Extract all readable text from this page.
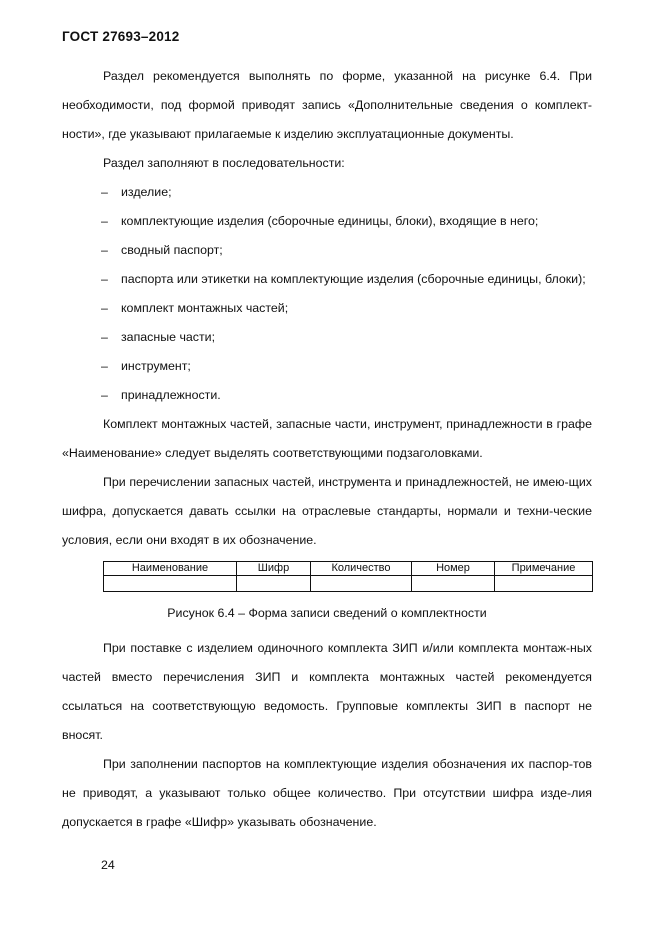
ГОСТ 27693–2012

Раздел рекомендуется выполнять по форме, указанной на рисунке 6.4. При необходимости, под формой приводят запись «Дополнительные сведения о комплект-ности», где указывают прилагаемые к изделию эксплуатационные документы.

Раздел заполняют в последовательности:

– изделие;
– комплектующие изделия (сборочные единицы, блоки), входящие в него;
– сводный паспорт;
– паспорта или этикетки на комплектующие изделия (сборочные единицы, блоки);
– комплект монтажных частей;
– запасные части;
– инструмент;
– принадлежности.

Комплект монтажных частей, запасные части, инструмент, принадлежности в графе «Наименование» следует выделять соответствующими подзаголовками.

При перечислении запасных частей, инструмента и принадлежностей, не имею-щих шифра, допускается давать ссылки на отраслевые стандарты, нормали и техни-ческие условия, если они входят в их обозначение.

Наименование	Шифр	Количество	Номер	Примечание

Рисунок 6.4 – Форма записи сведений о комплектности

При поставке с изделием одиночного комплекта ЗИП и/или комплекта монтаж-ных частей вместо перечисления ЗИП и комплекта монтажных частей рекомендуется ссылаться на соответствующую ведомость. Групповые комплекты ЗИП в паспорт не вносят.

При заполнении паспортов на комплектующие изделия обозначения их паспор-тов не приводят, а указывают только общее количество. При отсутствии шифра изде-лия допускается в графе «Шифр» указывать обозначение.

24
